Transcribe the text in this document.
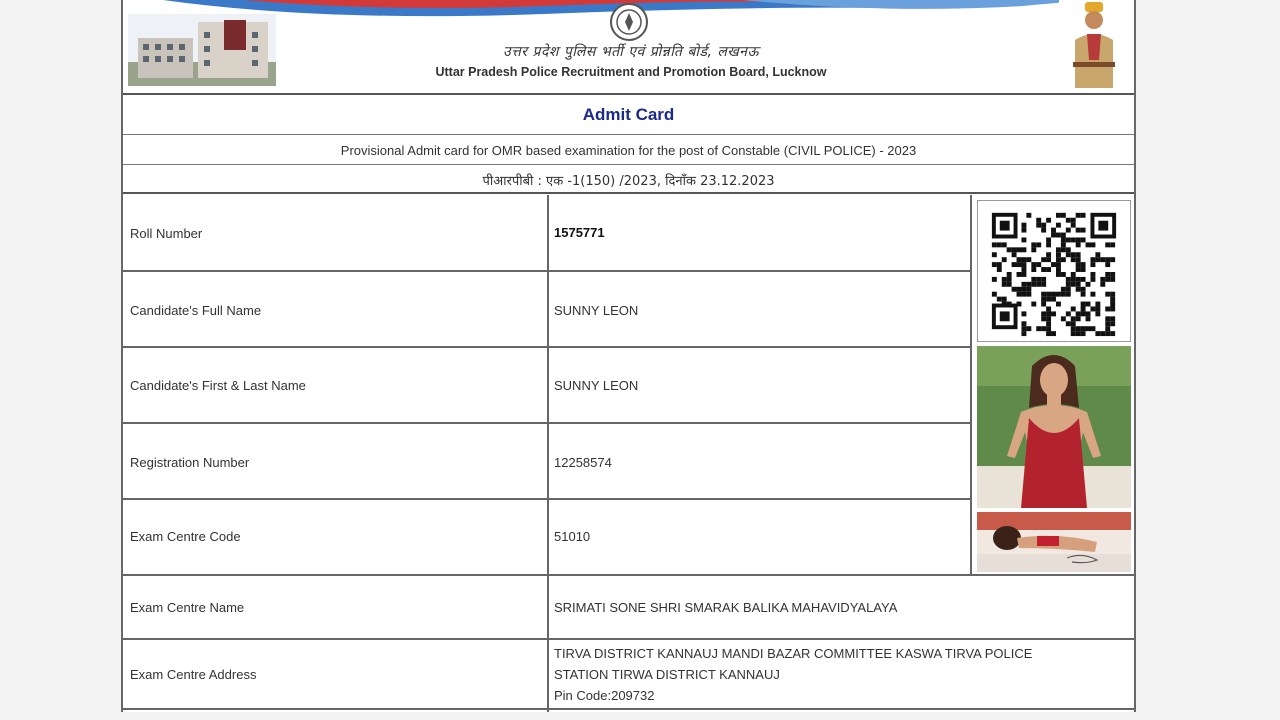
उत्तर प्रदेश पुलिस भर्ती एवं प्रोन्नति बोर्ड, लखनऊ
Uttar Pradesh Police Recruitment and Promotion Board, Lucknow
Admit Card
Provisional Admit card for OMR based examination for the post of Constable (CIVIL POLICE) - 2023
पीआरपीबी : एक -1(150) /2023, दिनाँक 23.12.2023
Roll Number
Candidate's Full Name
Candidate's First & Last Name
Registration Number
Exam Centre Code
Exam Centre Name
Exam Centre Address
1575771
SUNNY LEON
SUNNY LEON
12258574
51010
SRIMATI SONE SHRI SMARAK BALIKA MAHAVIDYALAYA
TIRVA DISTRICT KANNAUJ MANDI BAZAR COMMITTEE KASWA TIRVA POLICE
STATION TIRWA DISTRICT KANNAUJ
Pin Code:209732
